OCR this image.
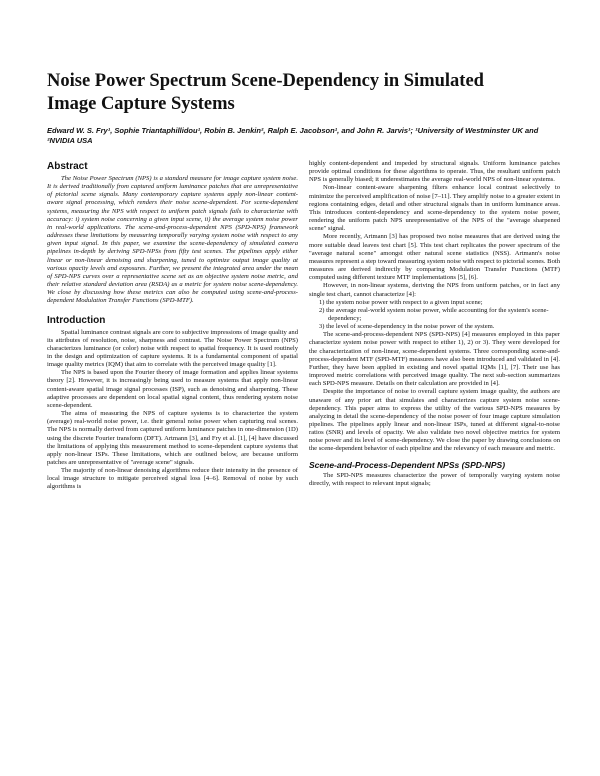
Noise Power Spectrum Scene-Dependency in Simulated Image Capture Systems
Edward W. S. Fry¹, Sophie Triantaphillidou¹, Robin B. Jenkin², Ralph E. Jacobson¹, and John R. Jarvis¹; ¹University of Westminster UK and ²NVIDIA USA
Abstract

The Noise Power Spectrum (NPS) is a standard measure for image capture system noise. It is derived traditionally from captured uniform luminance patches that are unrepresentative of pictorial scene signals. Many contemporary capture systems apply non-linear content-aware signal processing, which renders their noise scene-dependent. For scene-dependent systems, measuring the NPS with respect to uniform patch signals fails to characterize with accuracy: i) system noise concerning a given input scene, ii) the average system noise power in real-world applications. The scene-and-process-dependent NPS (SPD-NPS) framework addresses these limitations by measuring temporally varying system noise with respect to any given input signal. In this paper, we examine the scene-dependency of simulated camera pipelines in-depth by deriving SPD-NPSs from fifty test scenes. The pipelines apply either linear or non-linear denoising and sharpening, tuned to optimize output image quality at various opacity levels and exposures. Further, we present the integrated area under the mean of SPD-NPS curves over a representative scene set as an objective system noise metric, and their relative standard deviation area (RSDA) as a metric for system noise scene-dependency. We close by discussing how these metrics can also be computed using scene-and-process-dependent Modulation Transfer Functions (SPD-MTF).

Introduction

Spatial luminance contrast signals are core to subjective impressions of image quality and its attributes of resolution, noise, sharpness and contrast. The Noise Power Spectrum (NPS) characterizes luminance (or color) noise with respect to spatial frequency. It is used routinely in the design and optimization of capture systems. It is a fundamental component of spatial image quality metrics (IQM) that aim to correlate with the perceived image quality [1].

The NPS is based upon the Fourier theory of image formation and applies linear systems theory [2]. However, it is increasingly being used to measure systems that apply non-linear content-aware spatial image signal processes (ISP), such as denoising and sharpening. These adaptive processes are dependent on local spatial signal content, thus rendering system noise scene-dependent.

The aims of measuring the NPS of capture systems is to characterize the system (average) real-world noise power, i.e. their general noise power when capturing real scenes. The NPS is normally derived from captured uniform luminance patches in one-dimension (1D) using the discrete Fourier transform (DFT). Artmann [3], and Fry et al. [1], [4] have discussed the limitations of applying this measurement method to scene-dependent capture systems that apply non-linear ISPs. These limitations, which are outlined below, are because uniform patches are unrepresentative of "average scene" signals.

The majority of non-linear denoising algorithms reduce their intensity in the presence of local image structure to mitigate perceived signal loss [4–6]. Removal of noise by such algorithms is

highly content-dependent and impeded by structural signals. Uniform luminance patches provide optimal conditions for these algorithms to operate. Thus, the resultant uniform patch NPS is generally biased; it underestimates the average real-world NPS of non-linear systems.

Non-linear content-aware sharpening filters enhance local contrast selectively to minimize the perceived amplification of noise [7–11]. They amplify noise to a greater extent in regions containing edges, detail and other structural signals than in uniform luminance areas. This introduces content-dependency and scene-dependency to the system noise power, rendering the uniform patch NPS unrepresentative of the NPS of the "average sharpened scene" signal.

More recently, Artmann [3] has proposed two noise measures that are derived using the more suitable dead leaves test chart [5]. This test chart replicates the power spectrum of the "average natural scene" amongst other natural scene statistics (NSS). Artmann's noise measures represent a step toward measuring system noise with respect to pictorial scenes. Both measures are derived indirectly by comparing Modulation Transfer Functions (MTF) computed using different texture MTF implementations [5], [6].

However, in non-linear systems, deriving the NPS from uniform patches, or in fact any single test chart, cannot characterize [4]:

1) the system noise power with respect to a given input scene;
2) the average real-world system noise power, while accounting for the system's scene-dependency;
3) the level of scene-dependency in the noise power of the system.

The scene-and-process-dependent NPS (SPD-NPS) [4] measures employed in this paper characterize system noise power with respect to either 1), 2) or 3). They were developed for the characterization of non-linear, scene-dependent systems. Three corresponding scene-and-process-dependent MTF (SPD-MTF) measures have also been introduced and validated in [4]. Further, they have been applied in existing and novel spatial IQMs [1], [7]. Their use has improved metric correlations with perceived image quality. The next sub-section summarizes each SPD-NPS measure. Details on their calculation are provided in [4].

Despite the importance of noise to overall capture system image quality, the authors are unaware of any prior art that simulates and characterizes capture system noise scene-dependency. This paper aims to express the utility of the various SPD-NPS measures by analyzing in detail the scene-dependency of the noise power of four image capture simulation pipelines. The pipelines apply linear and non-linear ISPs, tuned at different signal-to-noise ratios (SNR) and levels of opacity. We also validate two novel objective metrics for system noise power and its level of scene-dependency. We close the paper by drawing conclusions on the scene-dependent behavior of each pipeline and the relevancy of each measure and metric.

Scene-and-Process-Dependent NPSs (SPD-NPS)

The SPD-NPS measures characterize the power of temporally varying system noise directly, with respect to relevant input signals;
